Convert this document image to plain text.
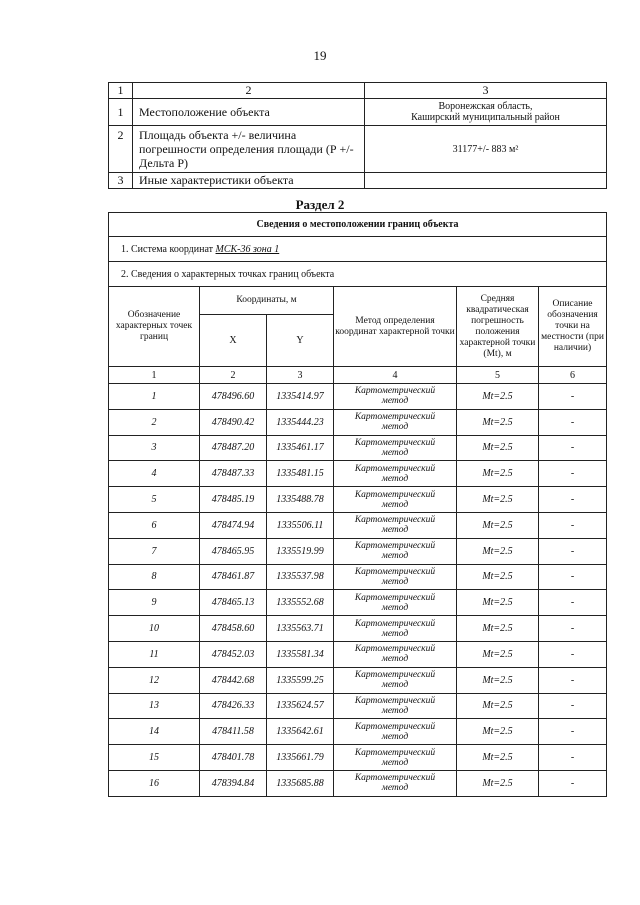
19
1	2	3
1	Местоположение объекта	Воронежская область,
Каширский муниципальный район

2	Площадь объекта +/- величина погрешности определения площади (Р +/- Дельта Р)	31177+/- 883 м²
3	Иные характеристики объекта	
Раздел 2
Сведения о местоположении границ объекта					
1. Система координат МСК-36 зона 1					
2. Сведения о характерных точках границ объекта					
Обозначение характерных точек границ	Координаты, м		Метод определения координат характерной точки	Средняя квадратическая погрешность положения характерной точки (Mt), м	Описание обозначения точки на местности (при наличии)
	X	Y			
1	2	3	4	5	6
1	478496.60	1335414.97	Картометрический
метод	Mt=2.5	-
2	478490.42	1335444.23	Картометрический
метод	Mt=2.5	-
3	478487.20	1335461.17	Картометрический
метод	Mt=2.5	-
4	478487.33	1335481.15	Картометрический
метод	Mt=2.5	-
5	478485.19	1335488.78	Картометрический
метод	Mt=2.5	-
6	478474.94	1335506.11	Картометрический
метод	Mt=2.5	-
7	478465.95	1335519.99	Картометрический
метод	Mt=2.5	-
8	478461.87	1335537.98	Картометрический
метод	Mt=2.5	-
9	478465.13	1335552.68	Картометрический
метод	Mt=2.5	-
10	478458.60	1335563.71	Картометрический
метод	Mt=2.5	-
11	478452.03	1335581.34	Картометрический
метод	Mt=2.5	-
12	478442.68	1335599.25	Картометрический
метод	Mt=2.5	-
13	478426.33	1335624.57	Картометрический
метод	Mt=2.5	-
14	478411.58	1335642.61	Картометрический
метод	Mt=2.5	-
15	478401.78	1335661.79	Картометрический
метод	Mt=2.5	-
16	478394.84	1335685.88	Картометрический
метод	Mt=2.5	-
